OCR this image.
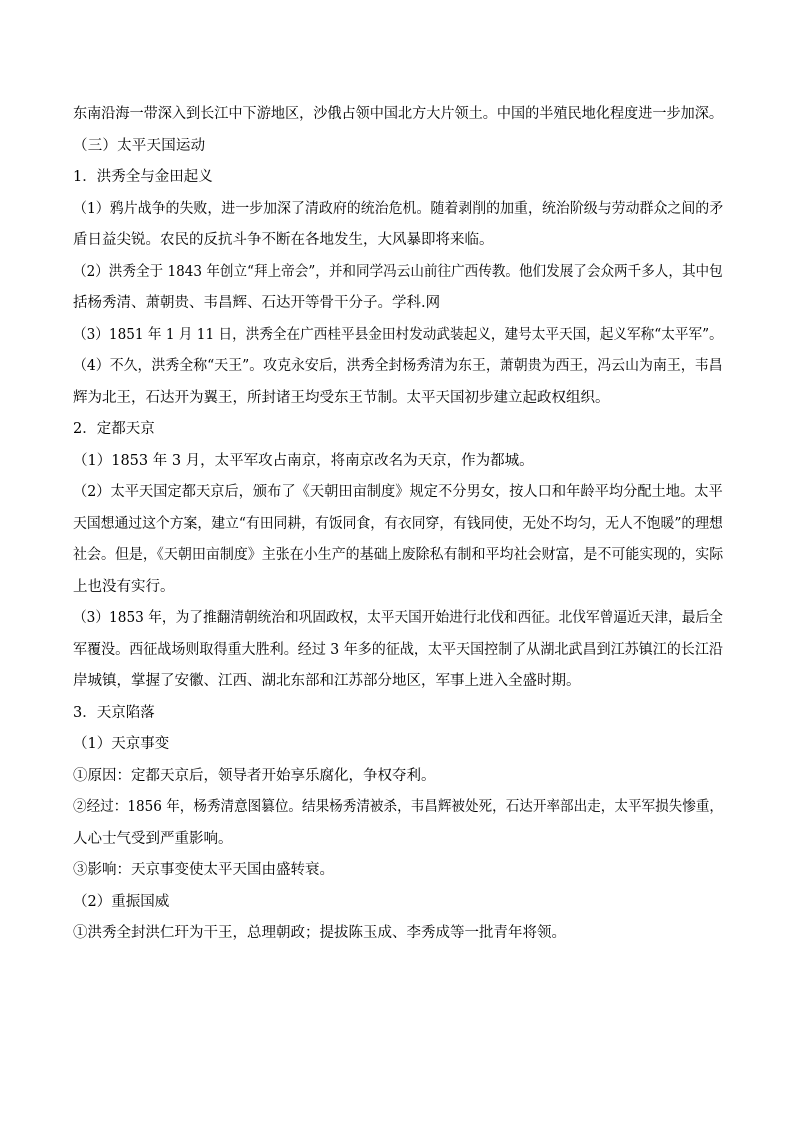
东南沿海一带深入到长江中下游地区，沙俄占领中国北方大片领土。中国的半殖民地化程度进一步加深。

（三）太平天国运动

1．洪秀全与金田起义

（1）鸦片战争的失败，进一步加深了清政府的统治危机。随着剥削的加重，统治阶级与劳动群众之间的矛
盾日益尖锐。农民的反抗斗争不断在各地发生，大风暴即将来临。

（2）洪秀全于 1843 年创立“拜上帝会”，并和同学冯云山前往广西传教。他们发展了会众两千多人，其中包
括杨秀清、萧朝贵、韦昌辉、石达开等骨干分子。学科.网

（3）1851 年 1 月 11 日，洪秀全在广西桂平县金田村发动武装起义，建号太平天国，起义军称“太平军”。

（4）不久，洪秀全称“天王”。攻克永安后，洪秀全封杨秀清为东王，萧朝贵为西王，冯云山为南王，韦昌
辉为北王，石达开为翼王，所封诸王均受东王节制。太平天国初步建立起政权组织。

2．定都天京

（1）1853 年 3 月，太平军攻占南京，将南京改名为天京，作为都城。

（2）太平天国定都天京后，颁布了《天朝田亩制度》规定不分男女，按人口和年龄平均分配土地。太平
天国想通过这个方案，建立“有田同耕，有饭同食，有衣同穿，有钱同使，无处不均匀，无人不饱暖”的理想
社会。但是，《天朝田亩制度》主张在小生产的基础上废除私有制和平均社会财富，是不可能实现的，实际
上也没有实行。

（3）1853 年，为了推翻清朝统治和巩固政权，太平天国开始进行北伐和西征。北伐军曾逼近天津，最后全
军覆没。西征战场则取得重大胜利。经过 3 年多的征战，太平天国控制了从湖北武昌到江苏镇江的长江沿
岸城镇，掌握了安徽、江西、湖北东部和江苏部分地区，军事上进入全盛时期。

3．天京陷落

（1）天京事变

①原因：定都天京后，领导者开始享乐腐化，争权夺利。

②经过：1856 年，杨秀清意图篡位。结果杨秀清被杀，韦昌辉被处死，石达开率部出走，太平军损失惨重，
人心士气受到严重影响。

③影响：天京事变使太平天国由盛转衰。

（2）重振国威

①洪秀全封洪仁玕为干王，总理朝政；提拔陈玉成、李秀成等一批青年将领。
